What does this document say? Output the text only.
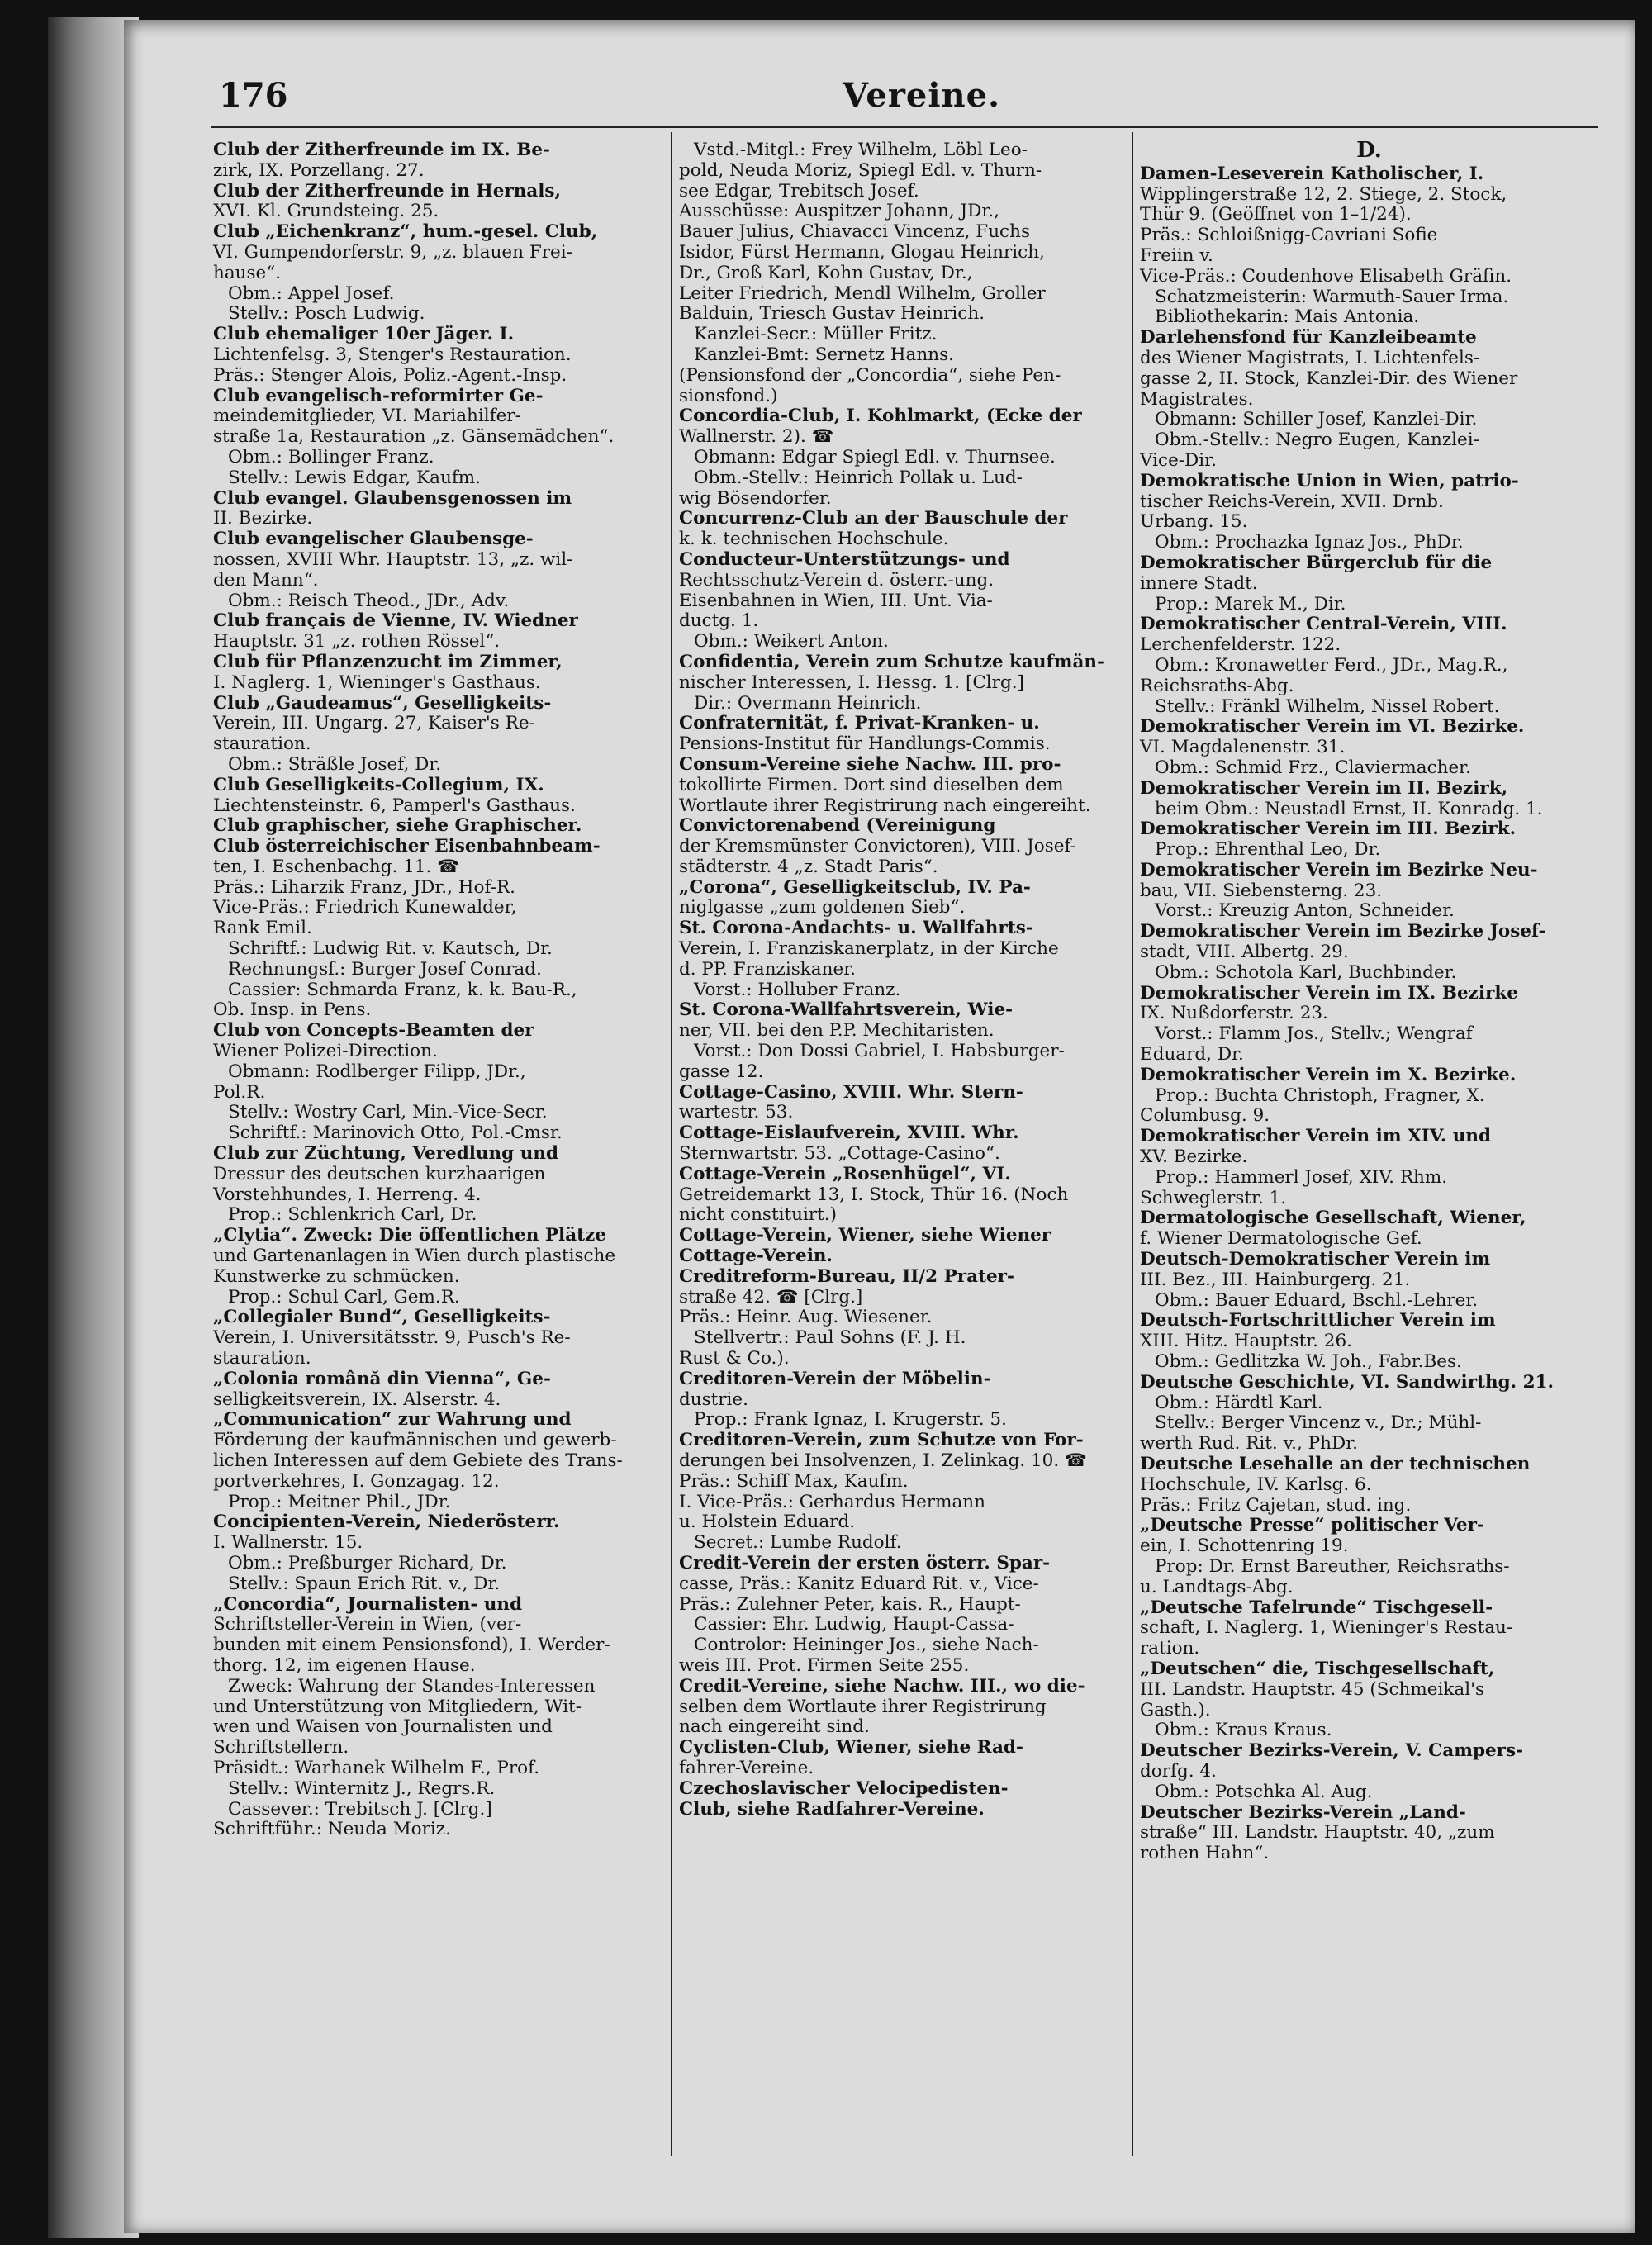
176	Vereine.

Club der Zitherfreunde im IX. Be-

zirk, IX. Porzellang. 27.

Club der Zitherfreunde in Hernals,

XVI. Kl. Grundsteing. 25.

Club „Eichenkranz“, hum.-gesel. Club,

VI. Gumpendorferstr. 9, „z. blauen Frei-

hause“.

Obm.: Appel Josef.

Stellv.: Posch Ludwig.

Club ehemaliger 10er Jäger. I.

Lichtenfelsg. 3, Stenger's Restauration.

Präs.: Stenger Alois, Poliz.-Agent.-Insp.

Club evangelisch-reformirter Ge-

meindemitglieder, VI. Mariahilfer-

straße 1a, Restauration „z. Gänsemädchen“.

Obm.: Bollinger Franz.

Stellv.: Lewis Edgar, Kaufm.

Club evangel. Glaubensgenossen im

II. Bezirke.

Club evangelischer Glaubensge-

nossen, XVIII Whr. Hauptstr. 13, „z. wil-

den Mann“.

Obm.: Reisch Theod., JDr., Adv.

Club français de Vienne, IV. Wiedner

Hauptstr. 31 „z. rothen Rössel“.

Club für Pflanzenzucht im Zimmer,

I. Naglerg. 1, Wieninger's Gasthaus.

Club „Gaudeamus“, Geselligkeits-

Verein, III. Ungarg. 27, Kaiser's Re-

stauration.

Obm.: Sträßle Josef, Dr.

Club Geselligkeits-Collegium, IX.

Liechtensteinstr. 6, Pamperl's Gasthaus.

Club graphischer, siehe Graphischer.

Club österreichischer Eisenbahnbeam-

ten, I. Eschenbachg. 11. ☎

Präs.: Liharzik Franz, JDr., Hof-R.

Vice-Präs.: Friedrich Kunewalder,

Rank Emil.

Schriftf.: Ludwig Rit. v. Kautsch, Dr.

Rechnungsf.: Burger Josef Conrad.

Cassier: Schmarda Franz, k. k. Bau-R.,

Ob. Insp. in Pens.

Club von Concepts-Beamten der

Wiener Polizei-Direction.

Obmann: Rodlberger Filipp, JDr.,

Pol.R.

Stellv.: Wostry Carl, Min.-Vice-Secr.

Schriftf.: Marinovich Otto, Pol.-Cmsr.

Club zur Züchtung, Veredlung und

Dressur des deutschen kurzhaarigen

Vorstehhundes, I. Herreng. 4.

Prop.: Schlenkrich Carl, Dr.

„Clytia“. Zweck: Die öffentlichen Plätze

und Gartenanlagen in Wien durch plastische

Kunstwerke zu schmücken.

Prop.: Schul Carl, Gem.R.

„Collegialer Bund“, Geselligkeits-

Verein, I. Universitätsstr. 9, Pusch's Re-

stauration.

„Colonia română din Vienna“, Ge-

selligkeitsverein, IX. Alserstr. 4.

„Communication“ zur Wahrung und

Förderung der kaufmännischen und gewerb-

lichen Interessen auf dem Gebiete des Trans-

portverkehres, I. Gonzagag. 12.

Prop.: Meitner Phil., JDr.

Concipienten-Verein, Niederösterr.

I. Wallnerstr. 15.

Obm.: Preßburger Richard, Dr.

Stellv.: Spaun Erich Rit. v., Dr.

„Concordia“, Journalisten- und

Schriftsteller-Verein in Wien, (ver-

bunden mit einem Pensionsfond), I. Werder-

thorg. 12, im eigenen Hause.

Zweck: Wahrung der Standes-Interessen

und Unterstützung von Mitgliedern, Wit-

wen und Waisen von Journalisten und

Schriftstellern.

Präsidt.: Warhanek Wilhelm F., Prof.

Stellv.: Winternitz J., Regrs.R.

Cassever.: Trebitsch J. [Clrg.]

Schriftführ.: Neuda Moriz.

Vstd.-Mitgl.: Frey Wilhelm, Löbl Leo-

pold, Neuda Moriz, Spiegl Edl. v. Thurn-

see Edgar, Trebitsch Josef.

Ausschüsse: Auspitzer Johann, JDr.,

Bauer Julius, Chiavacci Vincenz, Fuchs

Isidor, Fürst Hermann, Glogau Heinrich,

Dr., Groß Karl, Kohn Gustav, Dr.,

Leiter Friedrich, Mendl Wilhelm, Groller

Balduin, Triesch Gustav Heinrich.

Kanzlei-Secr.: Müller Fritz.

Kanzlei-Bmt: Sernetz Hanns.

(Pensionsfond der „Concordia“, siehe Pen-

sionsfond.)

Concordia-Club, I. Kohlmarkt, (Ecke der

Wallnerstr. 2). ☎

Obmann: Edgar Spiegl Edl. v. Thurnsee.

Obm.-Stellv.: Heinrich Pollak u. Lud-

wig Bösendorfer.

Concurrenz-Club an der Bauschule der

k. k. technischen Hochschule.

Conducteur-Unterstützungs- und

Rechtsschutz-Verein d. österr.-ung.

Eisenbahnen in Wien, III. Unt. Via-

ductg. 1.

Obm.: Weikert Anton.

Confidentia, Verein zum Schutze kaufmän-

nischer Interessen, I. Hessg. 1. [Clrg.]

Dir.: Overmann Heinrich.

Confraternität, f. Privat-Kranken- u.

Pensions-Institut für Handlungs-Commis.

Consum-Vereine siehe Nachw. III. pro-

tokollirte Firmen. Dort sind dieselben dem

Wortlaute ihrer Registrirung nach eingereiht.

Convictorenabend (Vereinigung

der Kremsmünster Convictoren), VIII. Josef-

städterstr. 4 „z. Stadt Paris“.

„Corona“, Geselligkeitsclub, IV. Pa-

niglgasse „zum goldenen Sieb“.

St. Corona-Andachts- u. Wallfahrts-

Verein, I. Franziskanerplatz, in der Kirche

d. PP. Franziskaner.

Vorst.: Holluber Franz.

St. Corona-Wallfahrtsverein, Wie-

ner, VII. bei den P.P. Mechitaristen.

Vorst.: Don Dossi Gabriel, I. Habsburger-

gasse 12.

Cottage-Casino, XVIII. Whr. Stern-

wartestr. 53.

Cottage-Eislaufverein, XVIII. Whr.

Sternwartstr. 53. „Cottage-Casino“.

Cottage-Verein „Rosenhügel“, VI.

Getreidemarkt 13, I. Stock, Thür 16. (Noch

nicht constituirt.)

Cottage-Verein, Wiener, siehe Wiener

Cottage-Verein.

Creditreform-Bureau, II/2 Prater-

straße 42. ☎ [Clrg.]

Präs.: Heinr. Aug. Wiesener.

Stellvertr.: Paul Sohns (F. J. H.

Rust & Co.).

Creditoren-Verein der Möbelin-

dustrie.

Prop.: Frank Ignaz, I. Krugerstr. 5.

Creditoren-Verein, zum Schutze von For-

derungen bei Insolvenzen, I. Zelinkag. 10. ☎

Präs.: Schiff Max, Kaufm.

I. Vice-Präs.: Gerhardus Hermann

u. Holstein Eduard.

Secret.: Lumbe Rudolf.

Credit-Verein der ersten österr. Spar-

casse, Präs.: Kanitz Eduard Rit. v., Vice-

Präs.: Zulehner Peter, kais. R., Haupt-

Cassier: Ehr. Ludwig, Haupt-Cassa-

Controlor: Heininger Jos., siehe Nach-

weis III. Prot. Firmen Seite 255.

Credit-Vereine, siehe Nachw. III., wo die-

selben dem Wortlaute ihrer Registrirung

nach eingereiht sind.

Cyclisten-Club, Wiener, siehe Rad-

fahrer-Vereine.

Czechoslavischer Velocipedisten-

Club, siehe Radfahrer-Vereine.

D.

Damen-Leseverein Katholischer, I.

Wipplingerstraße 12, 2. Stiege, 2. Stock,

Thür 9. (Geöffnet von 1–1/24).

Präs.: Schloißnigg-Cavriani Sofie

Freiin v.

Vice-Präs.: Coudenhove Elisabeth Gräfin.

Schatzmeisterin: Warmuth-Sauer Irma.

Bibliothekarin: Mais Antonia.

Darlehensfond für Kanzleibeamte

des Wiener Magistrats, I. Lichtenfels-

gasse 2, II. Stock, Kanzlei-Dir. des Wiener

Magistrates.

Obmann: Schiller Josef, Kanzlei-Dir.

Obm.-Stellv.: Negro Eugen, Kanzlei-

Vice-Dir.

Demokratische Union in Wien, patrio-

tischer Reichs-Verein, XVII. Drnb.

Urbang. 15.

Obm.: Prochazka Ignaz Jos., PhDr.

Demokratischer Bürgerclub für die

innere Stadt.

Prop.: Marek M., Dir.

Demokratischer Central-Verein, VIII.

Lerchenfelderstr. 122.

Obm.: Kronawetter Ferd., JDr., Mag.R.,

Reichsraths-Abg.

Stellv.: Fränkl Wilhelm, Nissel Robert.

Demokratischer Verein im VI. Bezirke.

VI. Magdalenenstr. 31.

Obm.: Schmid Frz., Claviermacher.

Demokratischer Verein im II. Bezirk,

beim Obm.: Neustadl Ernst, II. Konradg. 1.

Demokratischer Verein im III. Bezirk.

Prop.: Ehrenthal Leo, Dr.

Demokratischer Verein im Bezirke Neu-

bau, VII. Siebensterng. 23.

Vorst.: Kreuzig Anton, Schneider.

Demokratischer Verein im Bezirke Josef-

stadt, VIII. Albertg. 29.

Obm.: Schotola Karl, Buchbinder.

Demokratischer Verein im IX. Bezirke

IX. Nußdorferstr. 23.

Vorst.: Flamm Jos., Stellv.; Wengraf

Eduard, Dr.

Demokratischer Verein im X. Bezirke.

Prop.: Buchta Christoph, Fragner, X.

Columbusg. 9.

Demokratischer Verein im XIV. und

XV. Bezirke.

Prop.: Hammerl Josef, XIV. Rhm.

Schweglerstr. 1.

Dermatologische Gesellschaft, Wiener,

f. Wiener Dermatologische Gef.

Deutsch-Demokratischer Verein im

III. Bez., III. Hainburgerg. 21.

Obm.: Bauer Eduard, Bschl.-Lehrer.

Deutsch-Fortschrittlicher Verein im

XIII. Hitz. Hauptstr. 26.

Obm.: Gedlitzka W. Joh., Fabr.Bes.

Deutsche Geschichte, VI. Sandwirthg. 21.

Obm.: Härdtl Karl.

Stellv.: Berger Vincenz v., Dr.; Mühl-

werth Rud. Rit. v., PhDr.

Deutsche Lesehalle an der technischen

Hochschule, IV. Karlsg. 6.

Präs.: Fritz Cajetan, stud. ing.

„Deutsche Presse“ politischer Ver-

ein, I. Schottenring 19.

Prop: Dr. Ernst Bareuther, Reichsraths-

u. Landtags-Abg.

„Deutsche Tafelrunde“ Tischgesell-

schaft, I. Naglerg. 1, Wieninger's Restau-

ration.

„Deutschen“ die, Tischgesellschaft,

III. Landstr. Hauptstr. 45 (Schmeikal's

Gasth.).

Obm.: Kraus Kraus.

Deutscher Bezirks-Verein, V. Campers-

dorfg. 4.

Obm.: Potschka Al. Aug.

Deutscher Bezirks-Verein „Land-

straße“ III. Landstr. Hauptstr. 40, „zum

rothen Hahn“.
